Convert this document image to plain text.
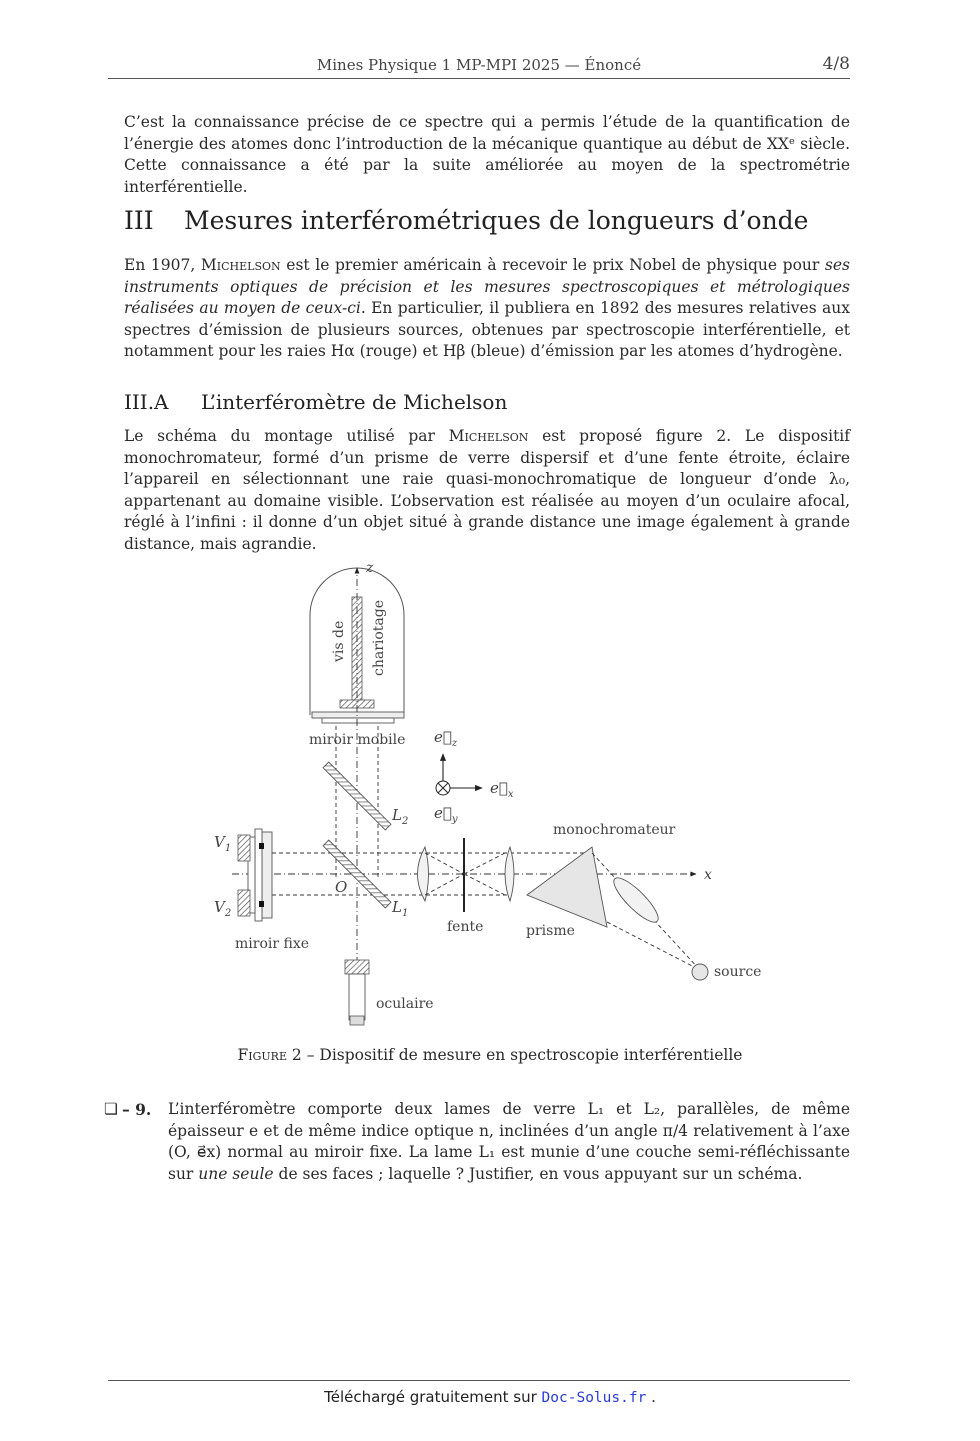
Mines Physique 1 MP-MPI 2025 — Énoncé	4/8

C’est la connaissance précise de ce spectre qui a permis l’étude de la quantification de l’énergie des atomes donc l’introduction de la mécanique quantique au début de XXᵉ siècle. Cette connaissance a été par la suite améliorée au moyen de la spectrométrie interférentielle.

III Mesures interférométriques de longueurs d’onde

En 1907, Michelson est le premier américain à recevoir le prix Nobel de physique pour ses instruments optiques de précision et les mesures spectroscopiques et métrologiques réalisées au moyen de ceux-ci. En particulier, il publiera en 1892 des mesures relatives aux spectres d’émission de plusieurs sources, obtenues par spectroscopie interférentielle, et notamment pour les raies Hα (rouge) et Hβ (bleue) d’émission par les atomes d’hydrogène.

III.A L’interféromètre de Michelson

Le schéma du montage utilisé par Michelson est proposé figure 2. Le dispositif monochromateur, formé d’un prisme de verre dispersif et d’une fente étroite, éclaire l’appareil en sélectionnant une raie quasi-monochromatique de longueur d’onde λ₀, appartenant au domaine visible. L’observation est réalisée au moyen d’un oculaire afocal, réglé à l’infini : il donne d’un objet situé à grande distance une image également à grande distance, mais agrandie.

z
vis de chariotage
miroir mobile
x
$L_2$
$L_1$
O
$V_1$
$V_2$
miroir fixe
$e⃗_z$
$e⃗_x$
$e⃗_y$
fente	prisme
monochromateur
source
oculaire
Figure 2 – Dispositif de mesure en spectroscopie interférentielle
❏ – 9. L’interféromètre comporte deux lames de verre L₁ et L₂, parallèles, de même épaisseur e et de même indice optique n, inclinées d’un angle π/4 relativement à l’axe (O, e⃗x) normal au miroir fixe. La lame L₁ est munie d’une couche semi-réfléchissante sur une seule de ses faces ; laquelle ? Justifier, en vous appuyant sur un schéma.
Téléchargé gratuitement sur Doc-Solus.fr .
